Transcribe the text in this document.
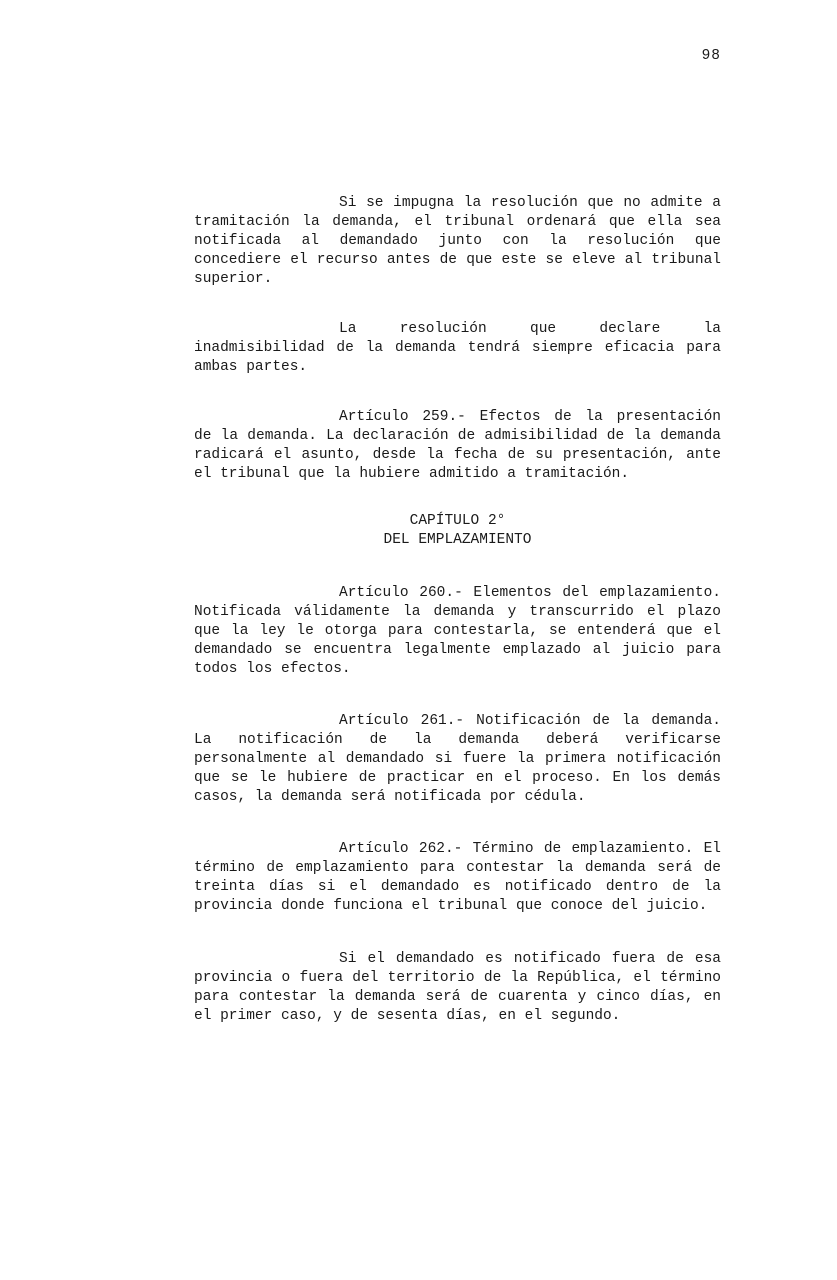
98

Si se impugna la resolución que no admite a tramitación la demanda, el tribunal ordenará que ella sea notificada al demandado junto con la resolución que concediere el recurso antes de que este se eleve al tribunal superior.

La resolución que declare la inadmisibilidad de la demanda tendrá siempre eficacia para ambas partes.

Artículo 259.- Efectos de la presentación de la demanda. La declaración de admisibilidad de la demanda radicará el asunto, desde la fecha de su presentación, ante el tribunal que la hubiere admitido a tramitación.

CAPÍTULO 2°
DEL EMPLAZAMIENTO

Artículo 260.- Elementos del emplazamiento. Notificada válidamente la demanda y transcurrido el plazo que la ley le otorga para contestarla, se entenderá que el demandado se encuentra legalmente emplazado al juicio para todos los efectos.

Artículo 261.- Notificación de la demanda. La notificación de la demanda deberá verificarse personalmente al demandado si fuere la primera notificación que se le hubiere de practicar en el proceso. En los demás casos, la demanda será notificada por cédula.

Artículo 262.- Término de emplazamiento. El término de emplazamiento para contestar la demanda será de treinta días si el demandado es notificado dentro de la provincia donde funciona el tribunal que conoce del juicio.

Si el demandado es notificado fuera de esa provincia o fuera del territorio de la República, el término para contestar la demanda será de cuarenta y cinco días, en el primer caso, y de sesenta días, en el segundo.
